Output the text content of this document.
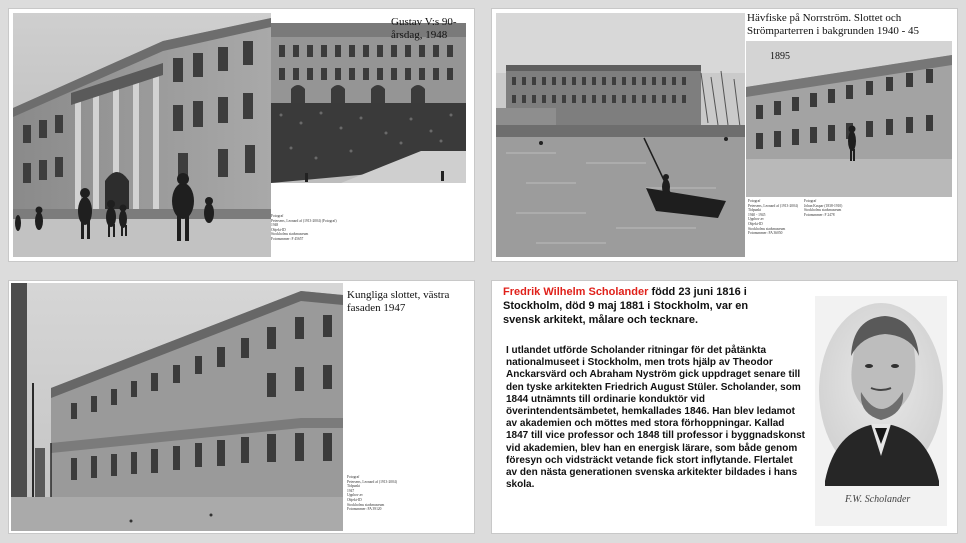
Gustav V:s 90-årsdag, 1948
Fotograf
Petersens, Leonard af (1913-2004) (Fotograf)
1948
Objekt-ID
Stockholms stadsmuseum
Fotonummer: F 45657
Hävfiske på Norrström. Slottet och Strömparterren i bakgrunden 1940 - 45
1895
Fotograf
Petersens, Leonard af (1913-2004)
Tidpunkt
1940 - 1945
Upphov av
Objekt-ID
Stockholms stadsmuseum
Fotonummer: FA 36050
Fotograf
Johan Kaspar (1838-1910)
Stockholms stadsmuseum
Fotonummer: F 2478
Kungliga slottet, västra fasaden 1947
Fotograf
Petersens, Leonard af (1913-2004)
Tidpunkt
1947
Upphov av
Objekt-ID
Stockholms stadsmuseum
Fotonummer: FA 39120
Fredrik Wilhelm Scholander född 23 juni 1816 i Stockholm, död 9 maj 1881 i Stockholm, var en svensk arkitekt, målare och tecknare.
I utlandet utförde Scholander ritningar för det påtänkta nationalmuseet i Stockholm, men trots hjälp av Theodor Anckarsvärd och Abraham Nyström gick uppdraget senare till den tyske arkitekten Friedrich August Stüler. Scholander, som 1844 utnämnts till ordinarie konduktör vid överintendentsämbetet, hemkallades 1846. Han blev ledamot av akademien och möttes med stora förhoppningar. Kallad 1847 till vice professor och 1848 till professor i byggnadskonst vid akademien, blev han en energisk lärare, som både genom föresyn och vidsträckt vetande fick stort inflytande. Flertalet av den nästa generationen svenska arkitekter bildades i hans skola.
F.W. Scholander
